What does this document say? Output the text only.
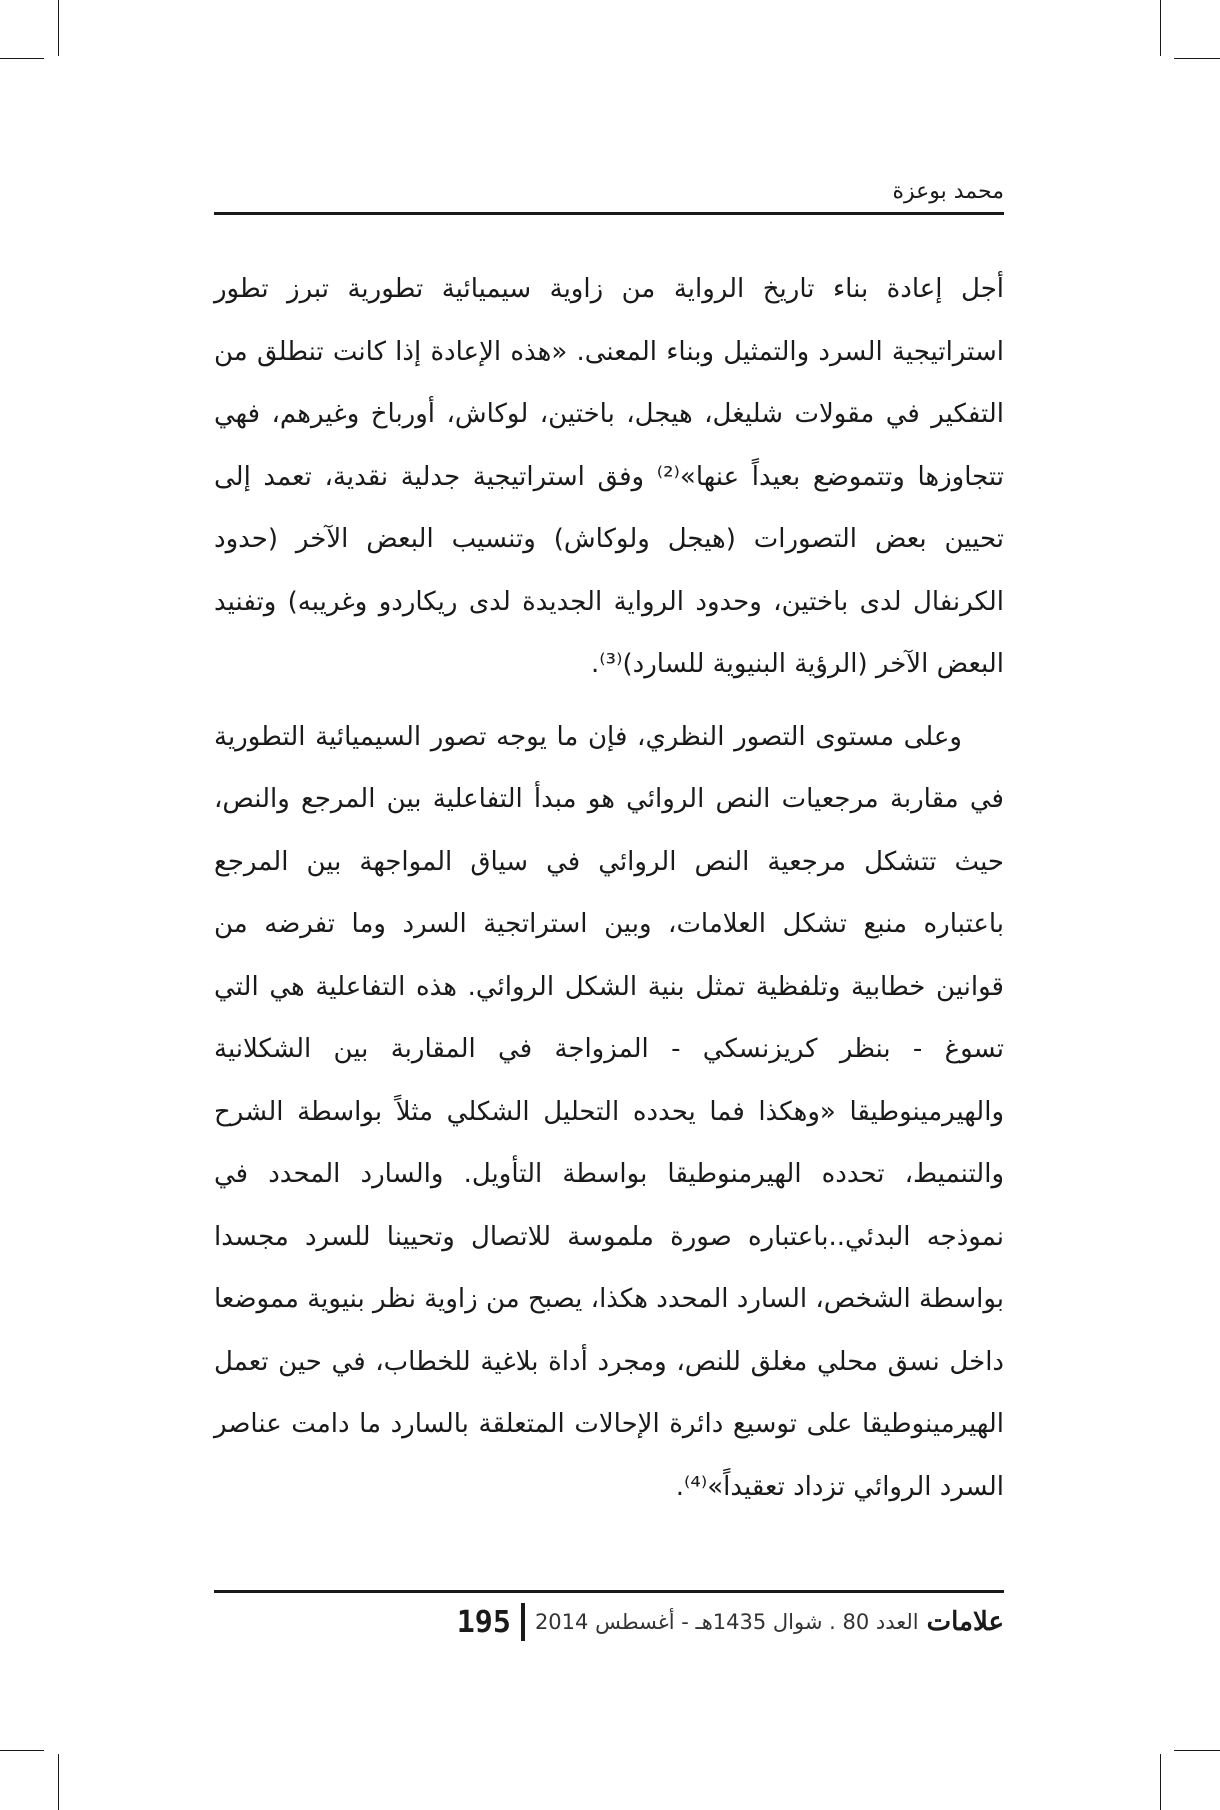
محمد بوعزة

أجل إعادة بناء تاريخ الرواية من زاوية سيميائية تطورية تبرز تطور استراتيجية السرد والتمثيل وبناء المعنى. «هذه الإعادة إذا كانت تنطلق من التفكير في مقولات شليغل، هيجل، باختين، لوكاش، أورباخ وغيرهم، فهي تتجاوزها وتتموضع بعيداً عنها»⁽²⁾ وفق استراتيجية جدلية نقدية، تعمد إلى تحيين بعض التصورات (هيجل ولوكاش) وتنسيب البعض الآخر (حدود الكرنفال لدى باختين، وحدود الرواية الجديدة لدى ريكاردو وغريبه) وتفنيد البعض الآخر (الرؤية البنيوية للسارد)⁽³⁾.

وعلى مستوى التصور النظري، فإن ما يوجه تصور السيميائية التطورية في مقاربة مرجعيات النص الروائي هو مبدأ التفاعلية بين المرجع والنص، حيث تتشكل مرجعية النص الروائي في سياق المواجهة بين المرجع باعتباره منبع تشكل العلامات، وبين استراتجية السرد وما تفرضه من قوانين خطابية وتلفظية تمثل بنية الشكل الروائي. هذه التفاعلية هي التي تسوغ - بنظر كريزنسكي - المزواجة في المقاربة بين الشكلانية والهيرمينوطيقا «وهكذا فما يحدده التحليل الشكلي مثلاً بواسطة الشرح والتنميط، تحدده الهيرمنوطيقا بواسطة التأويل. والسارد المحدد في نموذجه البدئي..باعتباره صورة ملموسة للاتصال وتحيينا للسرد مجسدا بواسطة الشخص، السارد المحدد هكذا، يصبح من زاوية نظر بنيوية مموضعا داخل نسق محلي مغلق للنص، ومجرد أداة بلاغية للخطاب، في حين تعمل الهيرمينوطيقا على توسيع دائرة الإحالات المتعلقة بالسارد ما دامت عناصر السرد الروائي تزداد تعقيداً»⁽⁴⁾.

علامات
العدد 80 . شوال 1435هـ - أغسطس 2014
195
